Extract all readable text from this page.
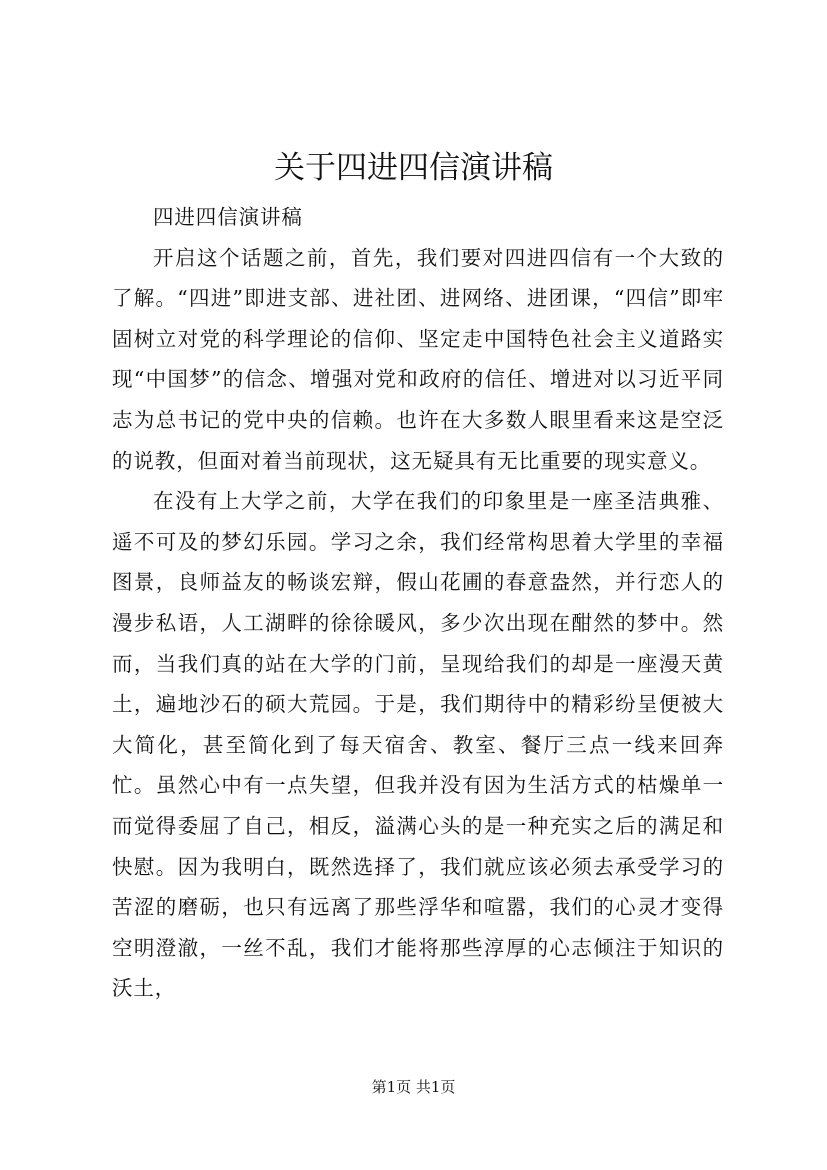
关于四进四信演讲稿

四进四信演讲稿

开启这个话题之前，首先，我们要对四进四信有一个大致的了解。“四进”即进支部、进社团、进网络、进团课，“四信”即牢固树立对党的科学理论的信仰、坚定走中国特色社会主义道路实现“中国梦”的信念、增强对党和政府的信任、增进对以习近平同志为总书记的党中央的信赖。也许在大多数人眼里看来这是空泛的说教，但面对着当前现状，这无疑具有无比重要的现实意义。

在没有上大学之前，大学在我们的印象里是一座圣洁典雅、遥不可及的梦幻乐园。学习之余，我们经常构思着大学里的幸福图景，良师益友的畅谈宏辩，假山花圃的春意盎然，并行恋人的漫步私语，人工湖畔的徐徐暖风，多少次出现在酣然的梦中。然而，当我们真的站在大学的门前，呈现给我们的却是一座漫天黄土，遍地沙石的硕大荒园。于是，我们期待中的精彩纷呈便被大大简化，甚至简化到了每天宿舍、教室、餐厅三点一线来回奔忙。虽然心中有一点失望，但我并没有因为生活方式的枯燥单一而觉得委屈了自己，相反，溢满心头的是一种充实之后的满足和快慰。因为我明白，既然选择了，我们就应该必须去承受学习的苦涩的磨砺，也只有远离了那些浮华和喧嚣，我们的心灵才变得空明澄澈，一丝不乱，我们才能将那些淳厚的心志倾注于知识的沃土，

第1页 共1页
